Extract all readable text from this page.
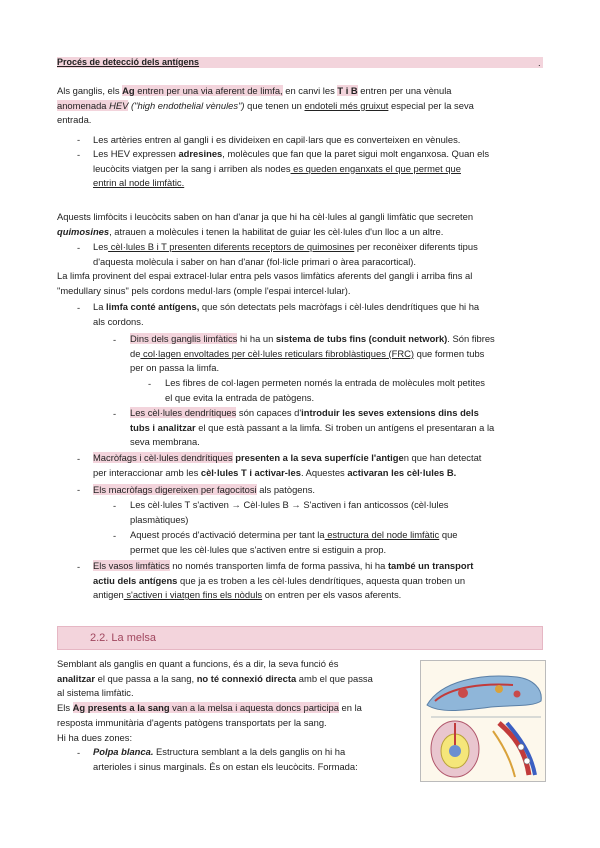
Procés de detecció dels antígens	.
Als ganglis, els Ag entren per una via aferent de limfa, en canvi les T i B entren per una vènula
anomenada HEV ("high endothelial vènules") que tenen un endoteli més gruixut especial per la seva
entrada.
- Les artèries entren al gangli i es divideixen en capil·lars que es converteixen en vènules.
- Les HEV expressen adresines, molècules que fan que la paret sigui molt enganxosa. Quan els
leucòcits viatgen per la sang i arriben als nodes es queden enganxats el que permet que
entrin al node limfàtic.
Aquests limfòcits i leucòcits saben on han d'anar ja que hi ha cèl·lules al gangli limfàtic que secreten
quimosines, atrauen a molècules i tenen la habilitat de guiar les cèl·lules d'un lloc a un altre.
- Les cèl·lules B i T presenten diferents receptors de quimosines per reconèixer diferents tipus
d'aquesta molècula i saber on han d'anar (fol·licle primari o àrea paracortical).
La limfa provinent del espai extracel·lular entra pels vasos limfàtics aferents del gangli i arriba fins al
"medullary sinus" pels cordons medul·lars (omple l'espai intercel·lular).
- La limfa conté antígens, que són detectats pels macròfags i cèl·lules dendrítiques que hi ha
als cordons.
- Dins dels ganglis limfàtics hi ha un sistema de tubs fins (conduit network). Són fibres
de col·lagen envoltades per cèl·lules reticulars fibroblàstiques (FRC) que formen tubs
per on passa la limfa.
- Les fibres de col·lagen permeten només la entrada de molècules molt petites
el que evita la entrada de patògens.
- Les cèl·lules dendrítiques són capaces d'introduir les seves extensions dins dels
tubs i analitzar el que està passant a la limfa. Si troben un antígens el presentaran a la
seva membrana.
- Macròfags i cèl·lules dendrítiques presenten a la seva superfície l'antigen que han detectat
per interaccionar amb les cèl·lules T i activar-les. Aquestes activaran les cèl·lules B.
- Els macròfags digereixen per fagocitosi als patògens.
- Les cèl·lules T s'activen → Cèl·lules B → S'activen i fan anticossos (cèl·lules
plasmàtiques)
- Aquest procés d'activació determina per tant la estructura del node limfàtic que
permet que les cèl·lules que s'activen entre si estiguin a prop.
- Els vasos limfàtics no només transporten limfa de forma passiva, hi ha també un transport
actiu dels antígens que ja es troben a les cèl·lules dendrítiques, aquesta quan troben un
antigen s'activen i viatgen fins els nòduls on entren per els vasos aferents.
2.2. La melsa
Semblant als ganglis en quant a funcions, és a dir, la seva funció és
analitzar el que passa a la sang, no té connexió directa amb el que passa
al sistema limfàtic.
Els Ag presents a la sang van a la melsa i aquesta doncs participa en la
resposta immunitària d'agents patògens transportats per la sang.
Hi ha dues zones:
- Polpa blanca. Estructura semblant a la dels ganglis on hi ha
arterioles i sinus marginals. És on estan els leucòcits. Formada:
